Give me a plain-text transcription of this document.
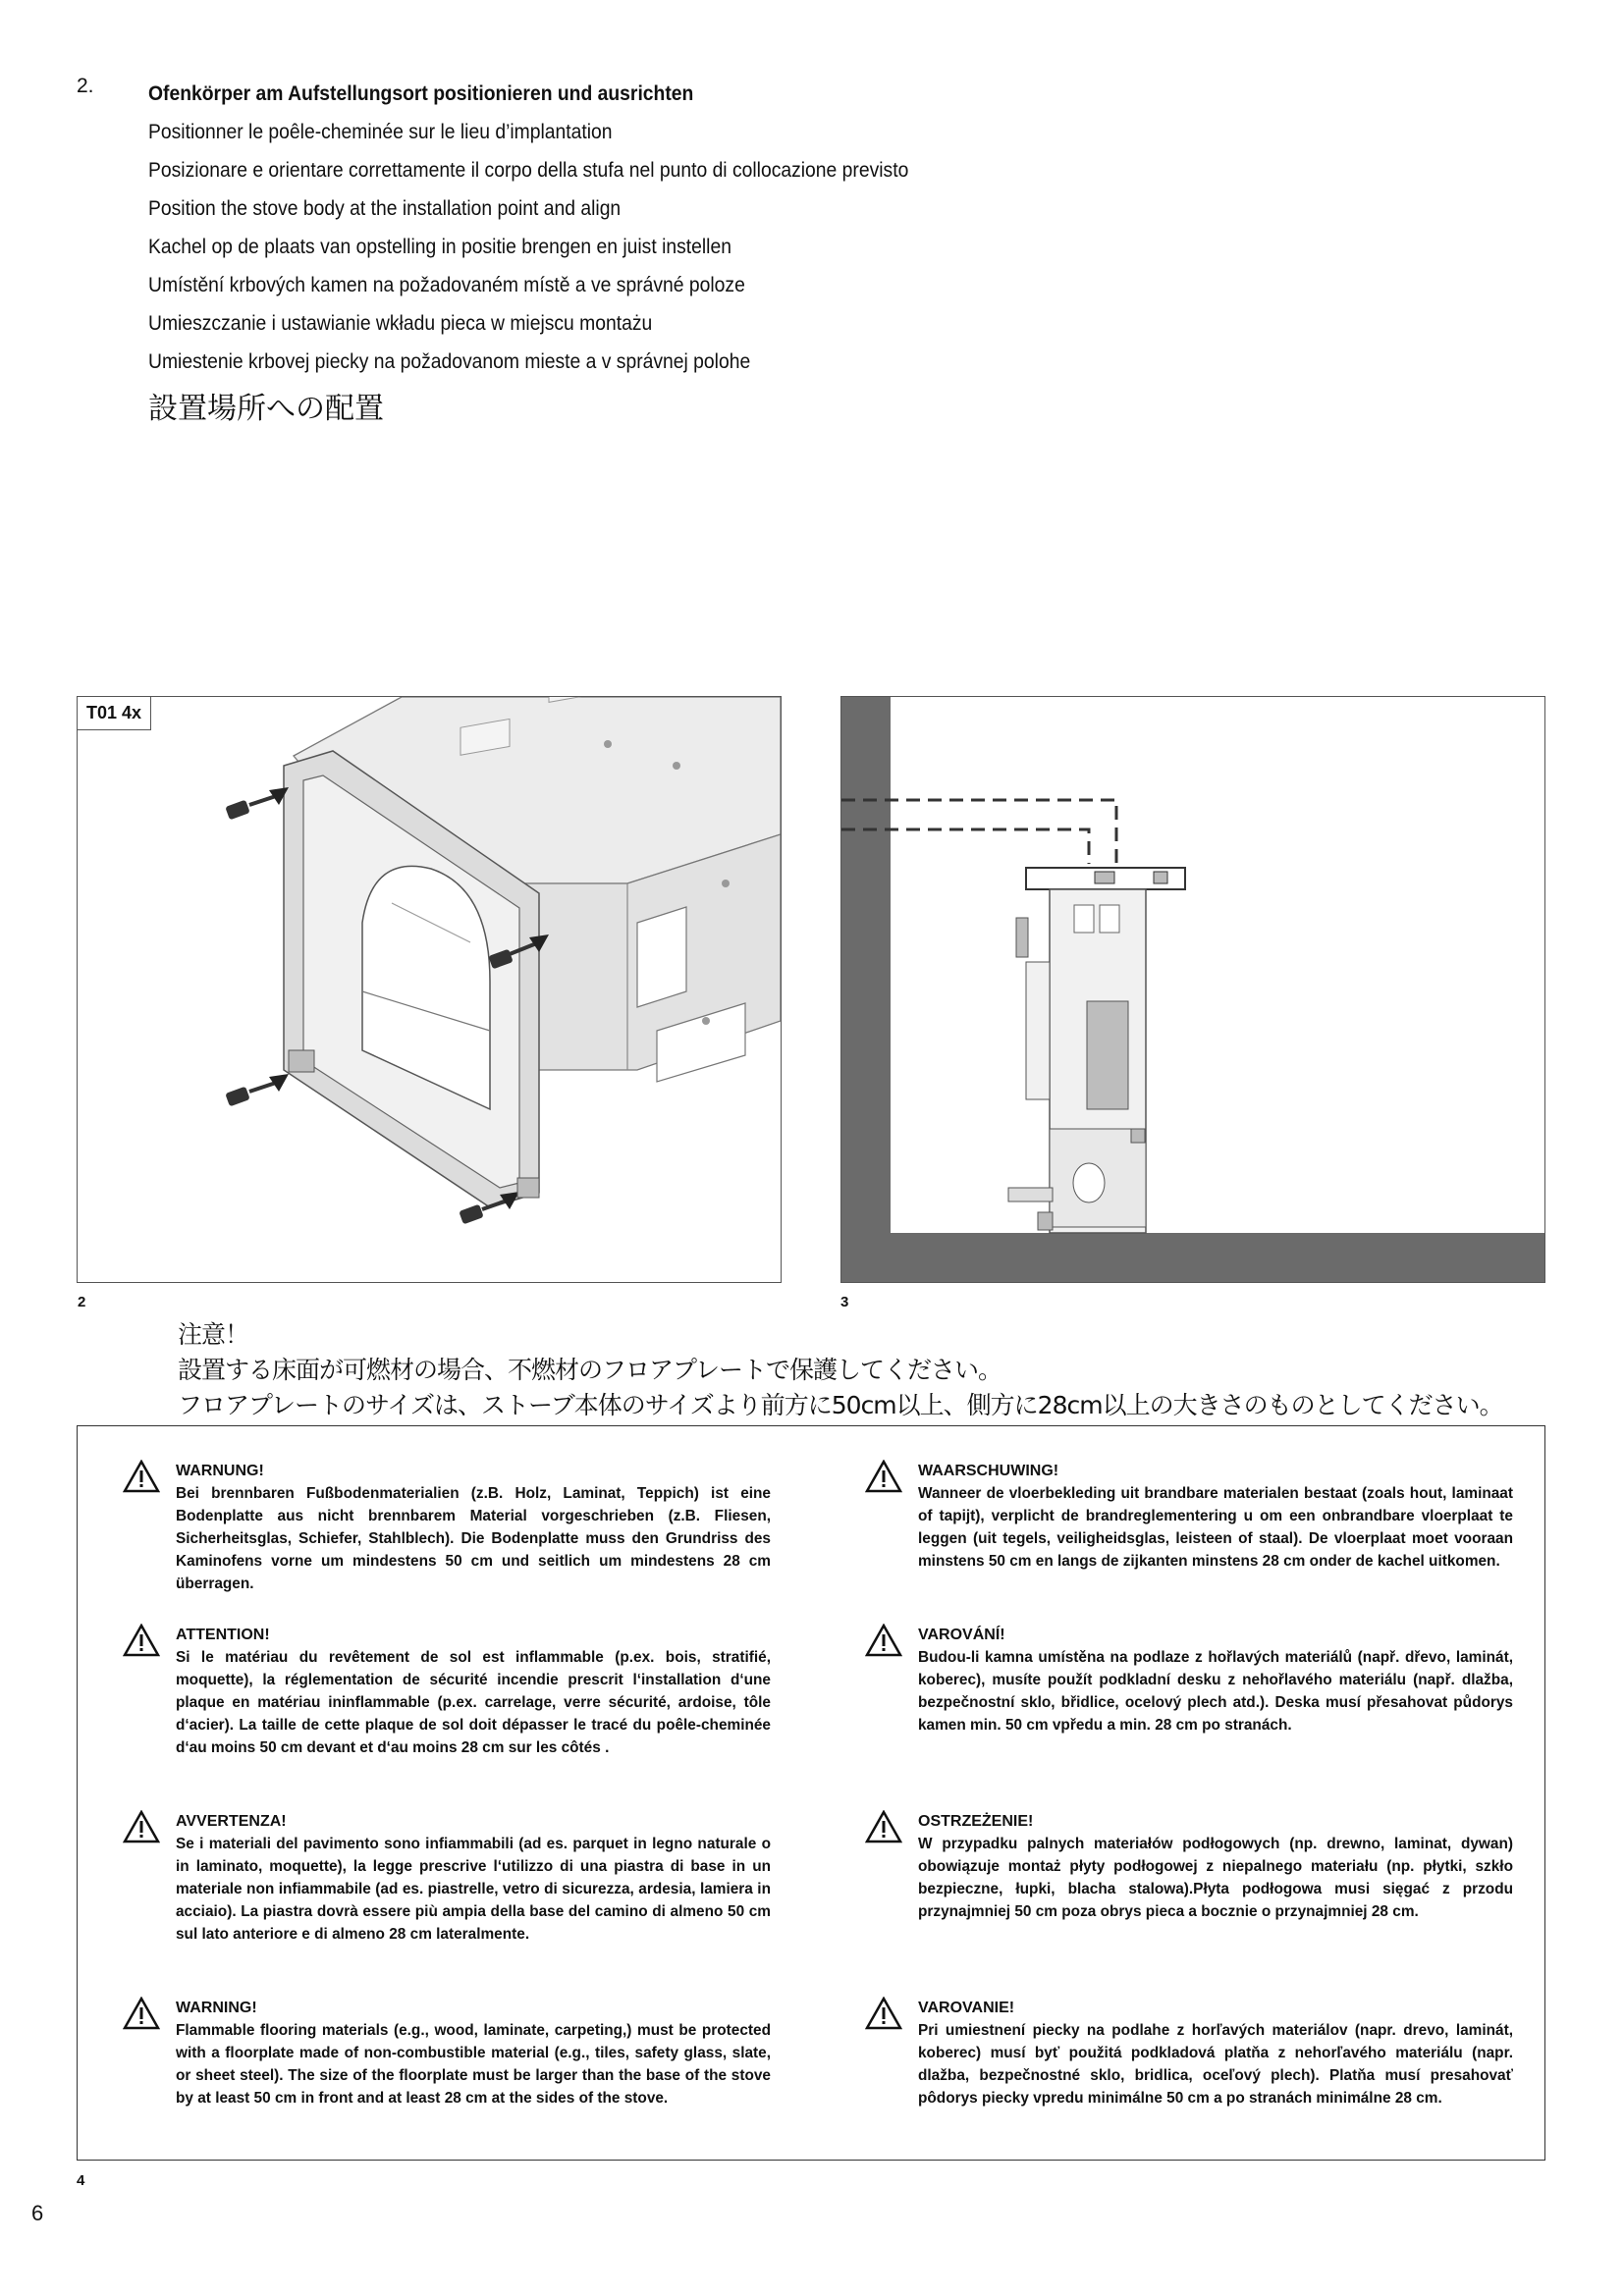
2.	Ofenkörper am Aufstellungsort positionieren und ausrichten
Positionner le poêle-cheminée sur le lieu d’implantation
Posizionare e orientare correttamente il corpo della stufa nel punto di collocazione previsto
Position the stove body at the installation point and align
Kachel op de plaats van opstelling in positie brengen en juist instellen
Umístění krbových kamen na požadovaném místě a ve správné poloze
Umieszczanie i ustawianie wkładu pieca w miejscu montażu
Umiestenie krbovej piecky na požadovanom mieste a v správnej polohe
設置場所への配置
T01 4x
2	3
注意！
設置する床面が可燃材の場合、不燃材のフロアプレートで保護してください。
フロアプレートのサイズは、ストーブ本体のサイズより前方に50cm以上、側方に28cm以上の大きさのものとしてください。
WARNUNG!
Bei brennbaren Fußbodenmaterialien (z.B. Holz, Laminat, Teppich) ist eine Bodenplatte aus nicht brennbarem Material vorgeschrieben (z.B. Fliesen, Sicherheitsglas, Schiefer, Stahlblech). Die Bodenplatte muss den Grundriss des Kaminofens vorne um mindestens 50 cm und seitlich um mindestens 28 cm überragen.
ATTENTION!
Si le matériau du revêtement de sol est inflammable (p.ex. bois, stratifié, moquette), la réglementation de sécurité incendie prescrit l‘installation d‘une plaque en matériau ininflammable (p.ex. carrelage, verre sécurité, ardoise, tôle d‘acier). La taille de cette plaque de sol doit dépasser le tracé du poêle-cheminée d‘au moins 50 cm devant et d‘au moins 28 cm sur les côtés .
AVVERTENZA!
Se i materiali del pavimento sono infiammabili (ad es. parquet in legno naturale o in laminato, moquette), la legge prescrive l‘utilizzo di una piastra di base in un materiale non infiammabile (ad es. piastrelle, vetro di sicurezza, ardesia, lamiera in acciaio). La piastra dovrà essere più ampia della base del camino di almeno 50 cm sul lato anteriore e di almeno 28 cm lateralmente.
WARNING!
Flammable flooring materials (e.g., wood, laminate, carpeting,) must be protected with a floorplate made of non-combustible material (e.g., tiles, safety glass, slate, or sheet steel). The size of the floorplate must be larger than the base of the stove by at least 50 cm in front and at least 28 cm at the sides of the stove.
WAARSCHUWING!
Wanneer de vloerbekleding uit brandbare materialen bestaat (zoals hout, laminaat of tapijt), verplicht de brandreglementering u om een onbrandbare vloerplaat te leggen (uit tegels, veiligheidsglas, leisteen of staal). De vloerplaat moet vooraan minstens 50 cm en langs de zijkanten minstens 28 cm onder de kachel uitkomen.
VAROVÁNÍ!
Budou-li kamna umístěna na podlaze z hořlavých materiálů (např. dřevo, laminát, koberec), musíte použít podkladní desku z nehořlavého materiálu (např. dlažba, bezpečnostní sklo, břidlice, ocelový plech atd.). Deska musí přesahovat půdorys kamen min. 50 cm vpředu a min. 28 cm po stranách.
OSTRZEŻENIE!
W przypadku palnych materiałów podłogowych (np. drewno, laminat, dywan) obowiązuje montaż płyty podłogowej z niepalnego materiału (np. płytki, szkło bezpieczne, łupki, blacha stalowa).Płyta podłogowa musi sięgać z przodu przynajmniej 50 cm poza obrys pieca a bocznie o przynajmniej 28 cm.
VAROVANIE!
Pri umiestnení piecky na podlahe z horľavých materiálov (napr. drevo, laminát, koberec) musí byť použitá podkladová platňa z nehorľavého materiálu (napr. dlažba, bezpečnostné sklo, bridlica, oceľový plech). Platňa musí presahovať pôdorys piecky vpredu minimálne 50 cm a po stranách minimálne 28 cm.
4
6
